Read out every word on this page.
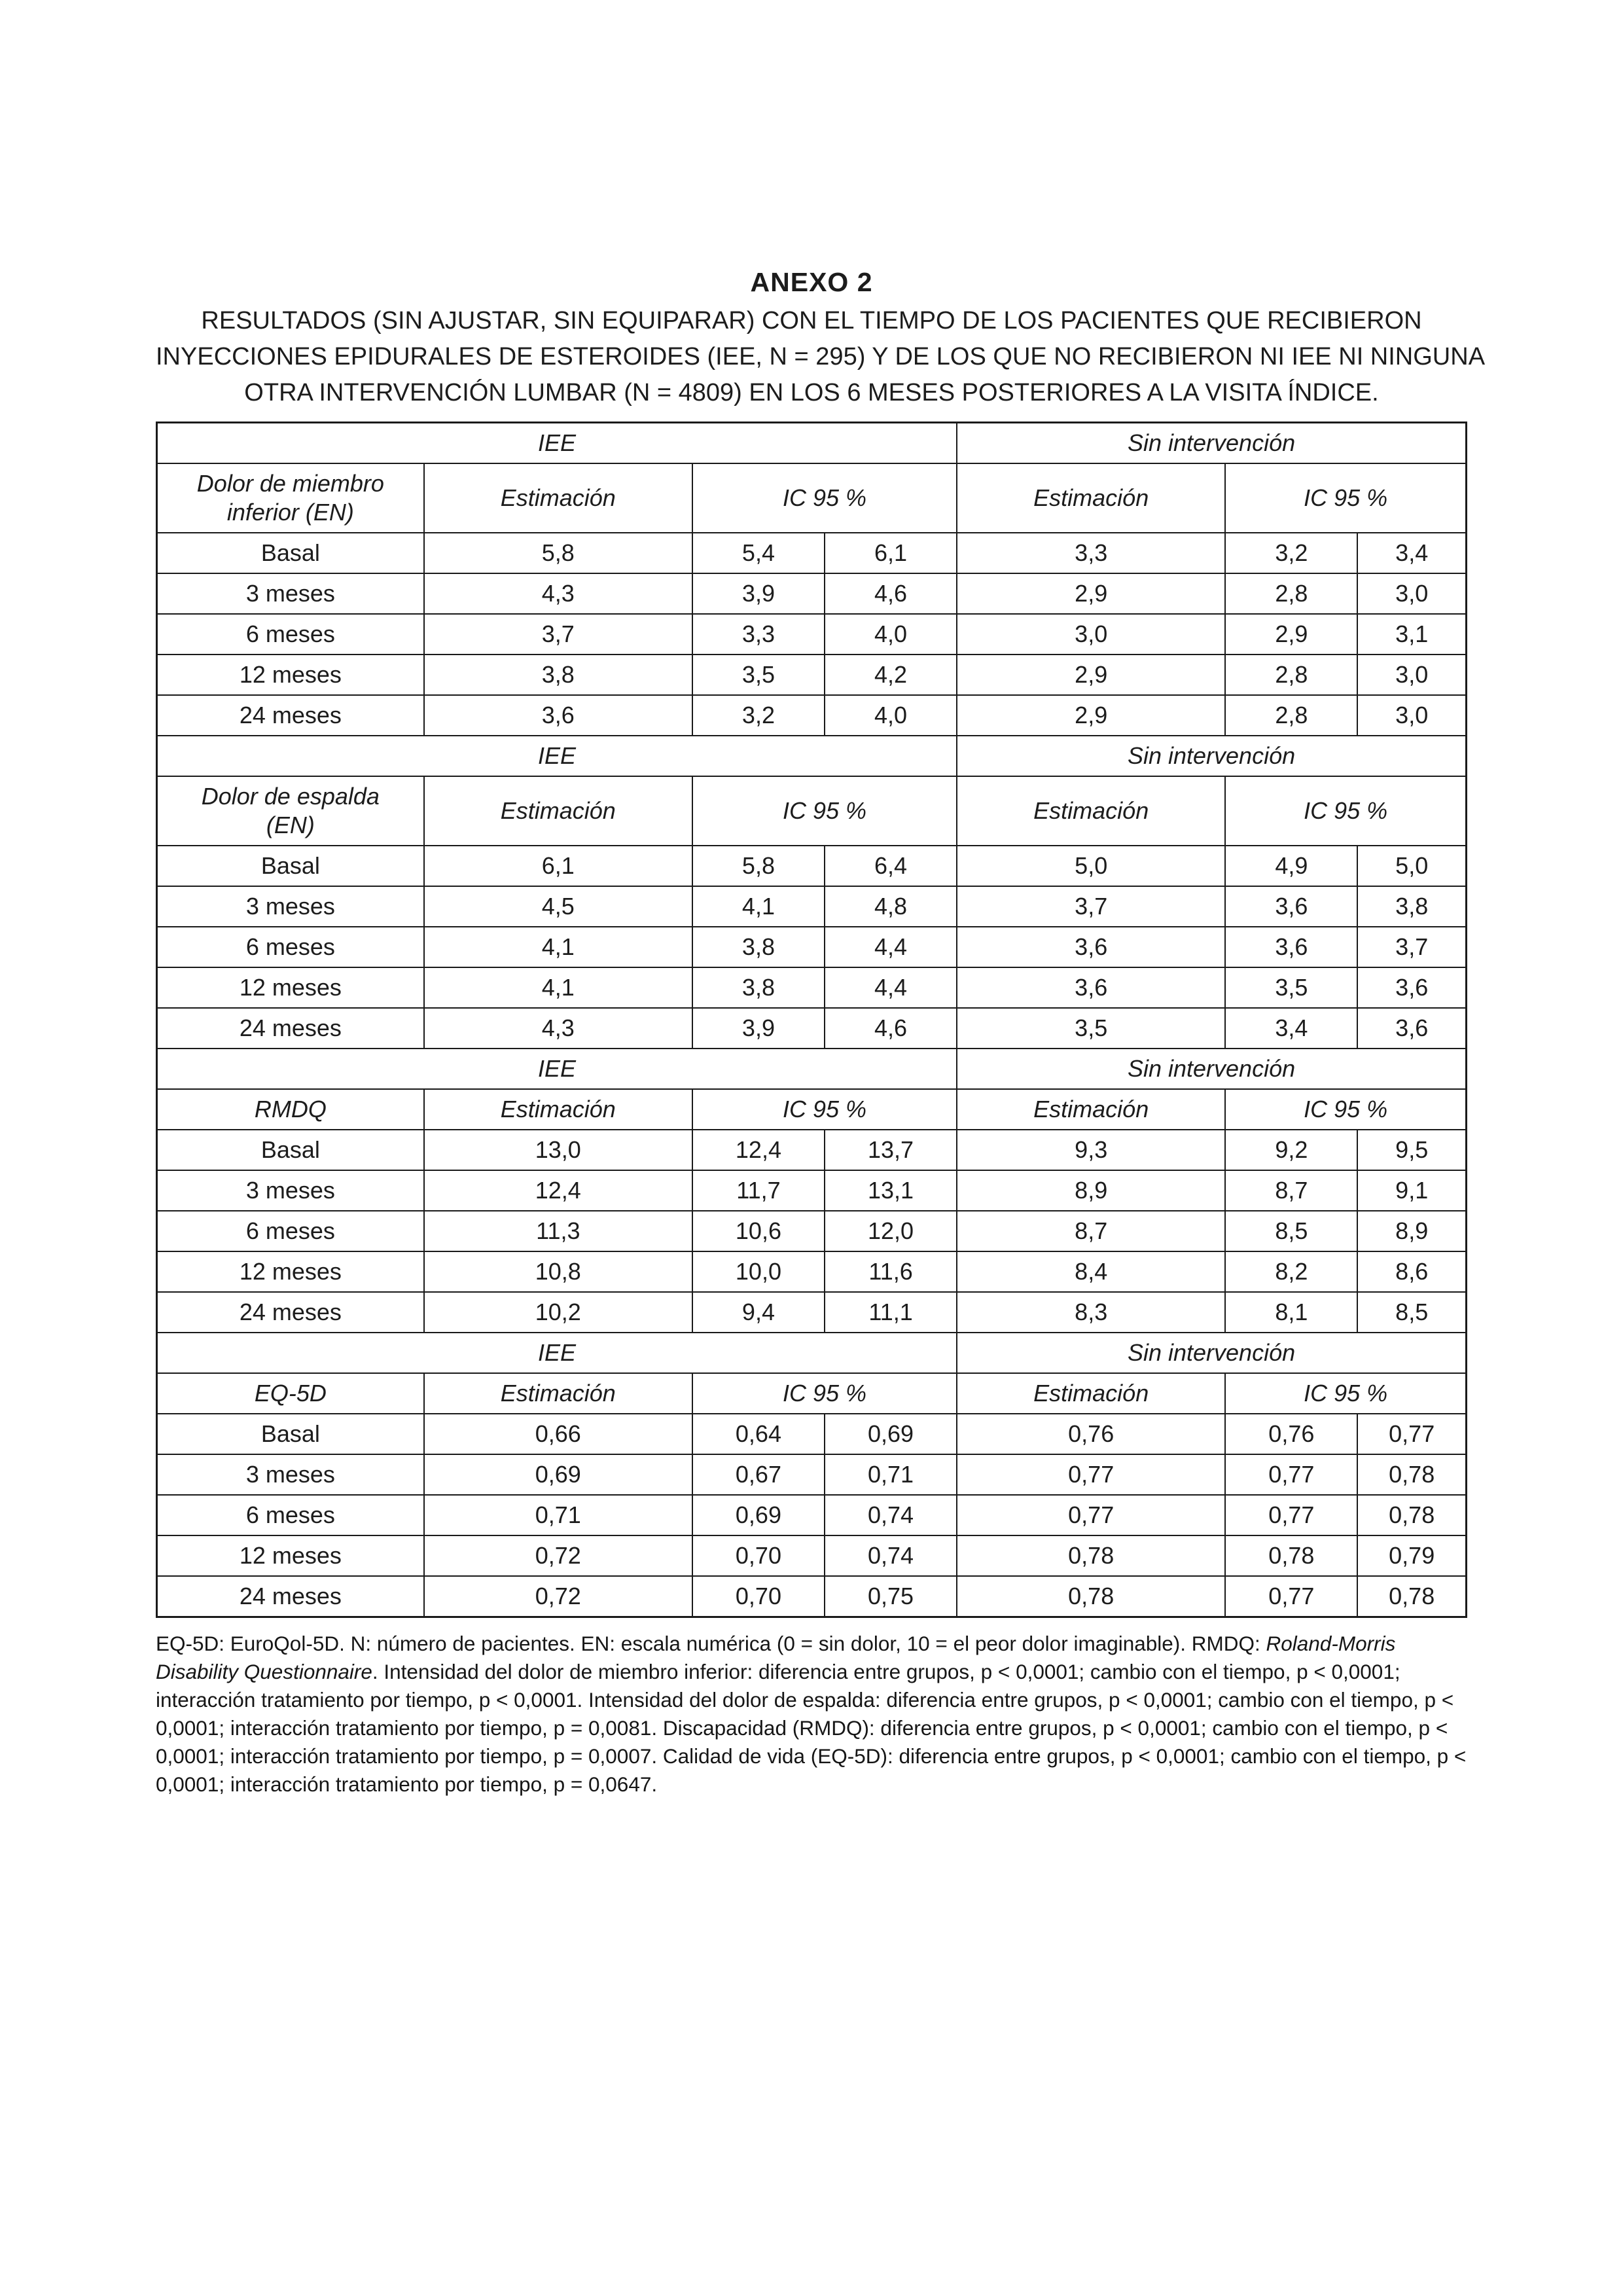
ANEXO 2
RESULTADOS (SIN AJUSTAR, SIN EQUIPARAR) CON EL TIEMPO DE LOS PACIENTES QUE RECIBIERON
INYECCIONES EPIDURALES DE ESTEROIDES (IEE, N = 295) Y DE LOS QUE NO RECIBIERON NI IEE NI NINGUNA
OTRA INTERVENCIÓN LUMBAR (N = 4809) EN LOS 6 MESES POSTERIORES A LA VISITA ÍNDICE.
IEE				Sin intervención		
Dolor de miembro
inferior (EN)	Estimación	IC 95 %		Estimación	IC 95 %	
Basal	5,8	5,4	6,1	3,3	3,2	3,4
3 meses	4,3	3,9	4,6	2,9	2,8	3,0
6 meses	3,7	3,3	4,0	3,0	2,9	3,1
12 meses	3,8	3,5	4,2	2,9	2,8	3,0
24 meses	3,6	3,2	4,0	2,9	2,8	3,0
IEE				Sin intervención		
Dolor de espalda
(EN)	Estimación	IC 95 %		Estimación	IC 95 %	
Basal	6,1	5,8	6,4	5,0	4,9	5,0
3 meses	4,5	4,1	4,8	3,7	3,6	3,8
6 meses	4,1	3,8	4,4	3,6	3,6	3,7
12 meses	4,1	3,8	4,4	3,6	3,5	3,6
24 meses	4,3	3,9	4,6	3,5	3,4	3,6
IEE				Sin intervención		
RMDQ	Estimación	IC 95 %		Estimación	IC 95 %	
Basal	13,0	12,4	13,7	9,3	9,2	9,5
3 meses	12,4	11,7	13,1	8,9	8,7	9,1
6 meses	11,3	10,6	12,0	8,7	8,5	8,9
12 meses	10,8	10,0	11,6	8,4	8,2	8,6
24 meses	10,2	9,4	11,1	8,3	8,1	8,5
IEE				Sin intervención		
EQ-5D	Estimación	IC 95 %		Estimación	IC 95 %	
Basal	0,66	0,64	0,69	0,76	0,76	0,77
3 meses	0,69	0,67	0,71	0,77	0,77	0,78
6 meses	0,71	0,69	0,74	0,77	0,77	0,78
12 meses	0,72	0,70	0,74	0,78	0,78	0,79
24 meses	0,72	0,70	0,75	0,78	0,77	0,78
EQ-5D: EuroQol-5D. N: número de pacientes. EN: escala numérica (0 = sin dolor, 10 = el peor dolor imaginable). RMDQ: Roland-Morris Disability Questionnaire. Intensidad del dolor de miembro inferior: diferencia entre grupos, p < 0,0001; cambio con el tiempo, p < 0,0001; interacción tratamiento por tiempo, p < 0,0001. Intensidad del dolor de espalda: diferencia entre grupos, p < 0,0001; cambio con el tiempo, p < 0,0001; interacción tratamiento por tiempo, p = 0,0081. Discapacidad (RMDQ): diferencia entre grupos, p < 0,0001; cambio con el tiempo, p < 0,0001; interacción tratamiento por tiempo, p = 0,0007. Calidad de vida (EQ-5D): diferencia entre grupos, p < 0,0001; cambio con el tiempo, p < 0,0001; interacción tratamiento por tiempo, p = 0,0647.
